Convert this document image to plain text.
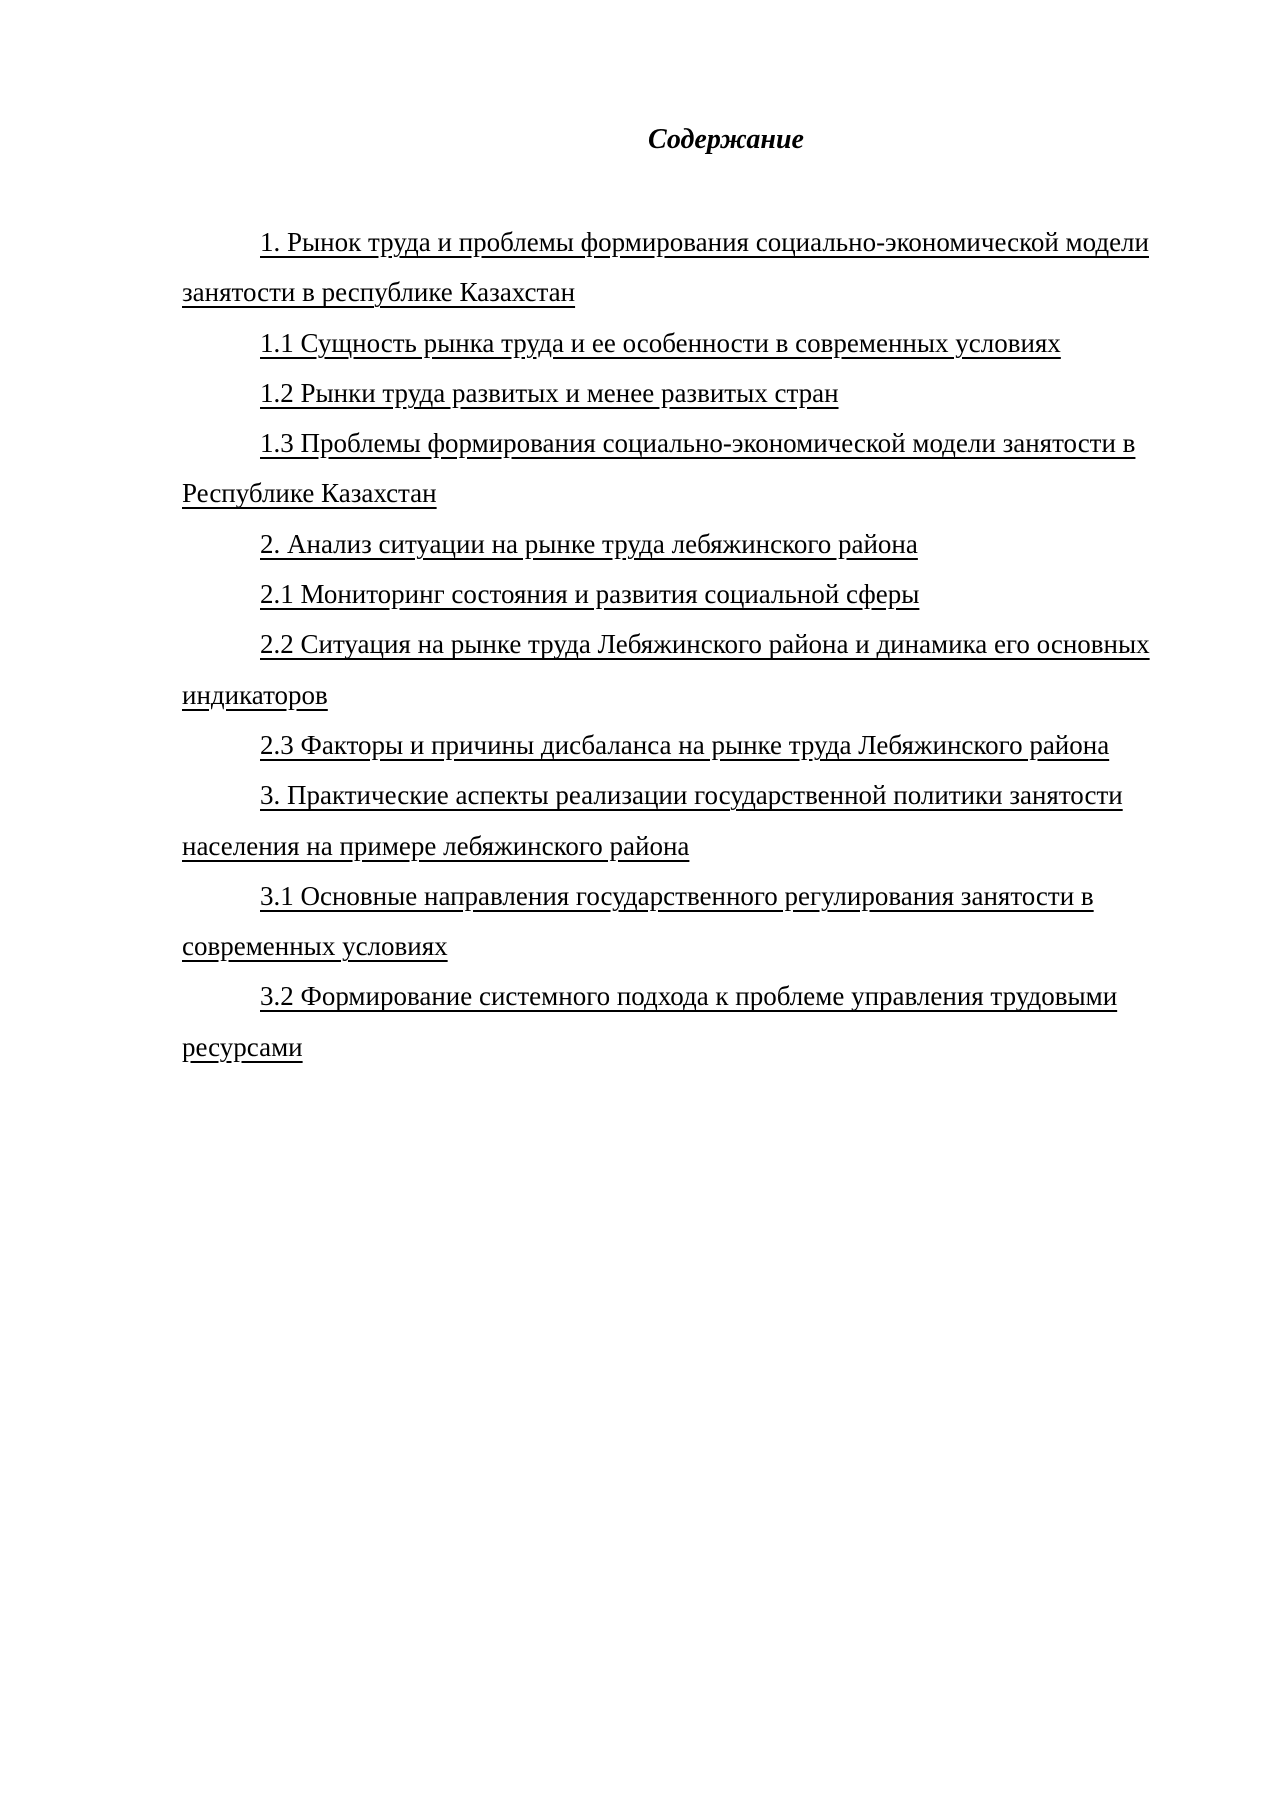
Содержание
1. Рынок труда и проблемы формирования социально-экономической модели занятости в республике Казахстан
1.1 Сущность рынка труда и ее особенности в современных условиях
1.2 Рынки труда развитых и менее развитых стран
1.3 Проблемы формирования социально-экономической модели занятости в Республике Казахстан
2. Анализ ситуации на рынке труда лебяжинского района
2.1 Мониторинг состояния и развития социальной сферы
2.2 Ситуация на рынке труда Лебяжинского района и динамика его основных индикаторов
2.3 Факторы и причины дисбаланса на рынке труда Лебяжинского района
3. Практические аспекты реализации государственной политики занятости населения на примере лебяжинского района
3.1 Основные направления государственного регулирования занятости в современных условиях
3.2 Формирование системного подхода к проблеме управления трудовыми ресурсами
